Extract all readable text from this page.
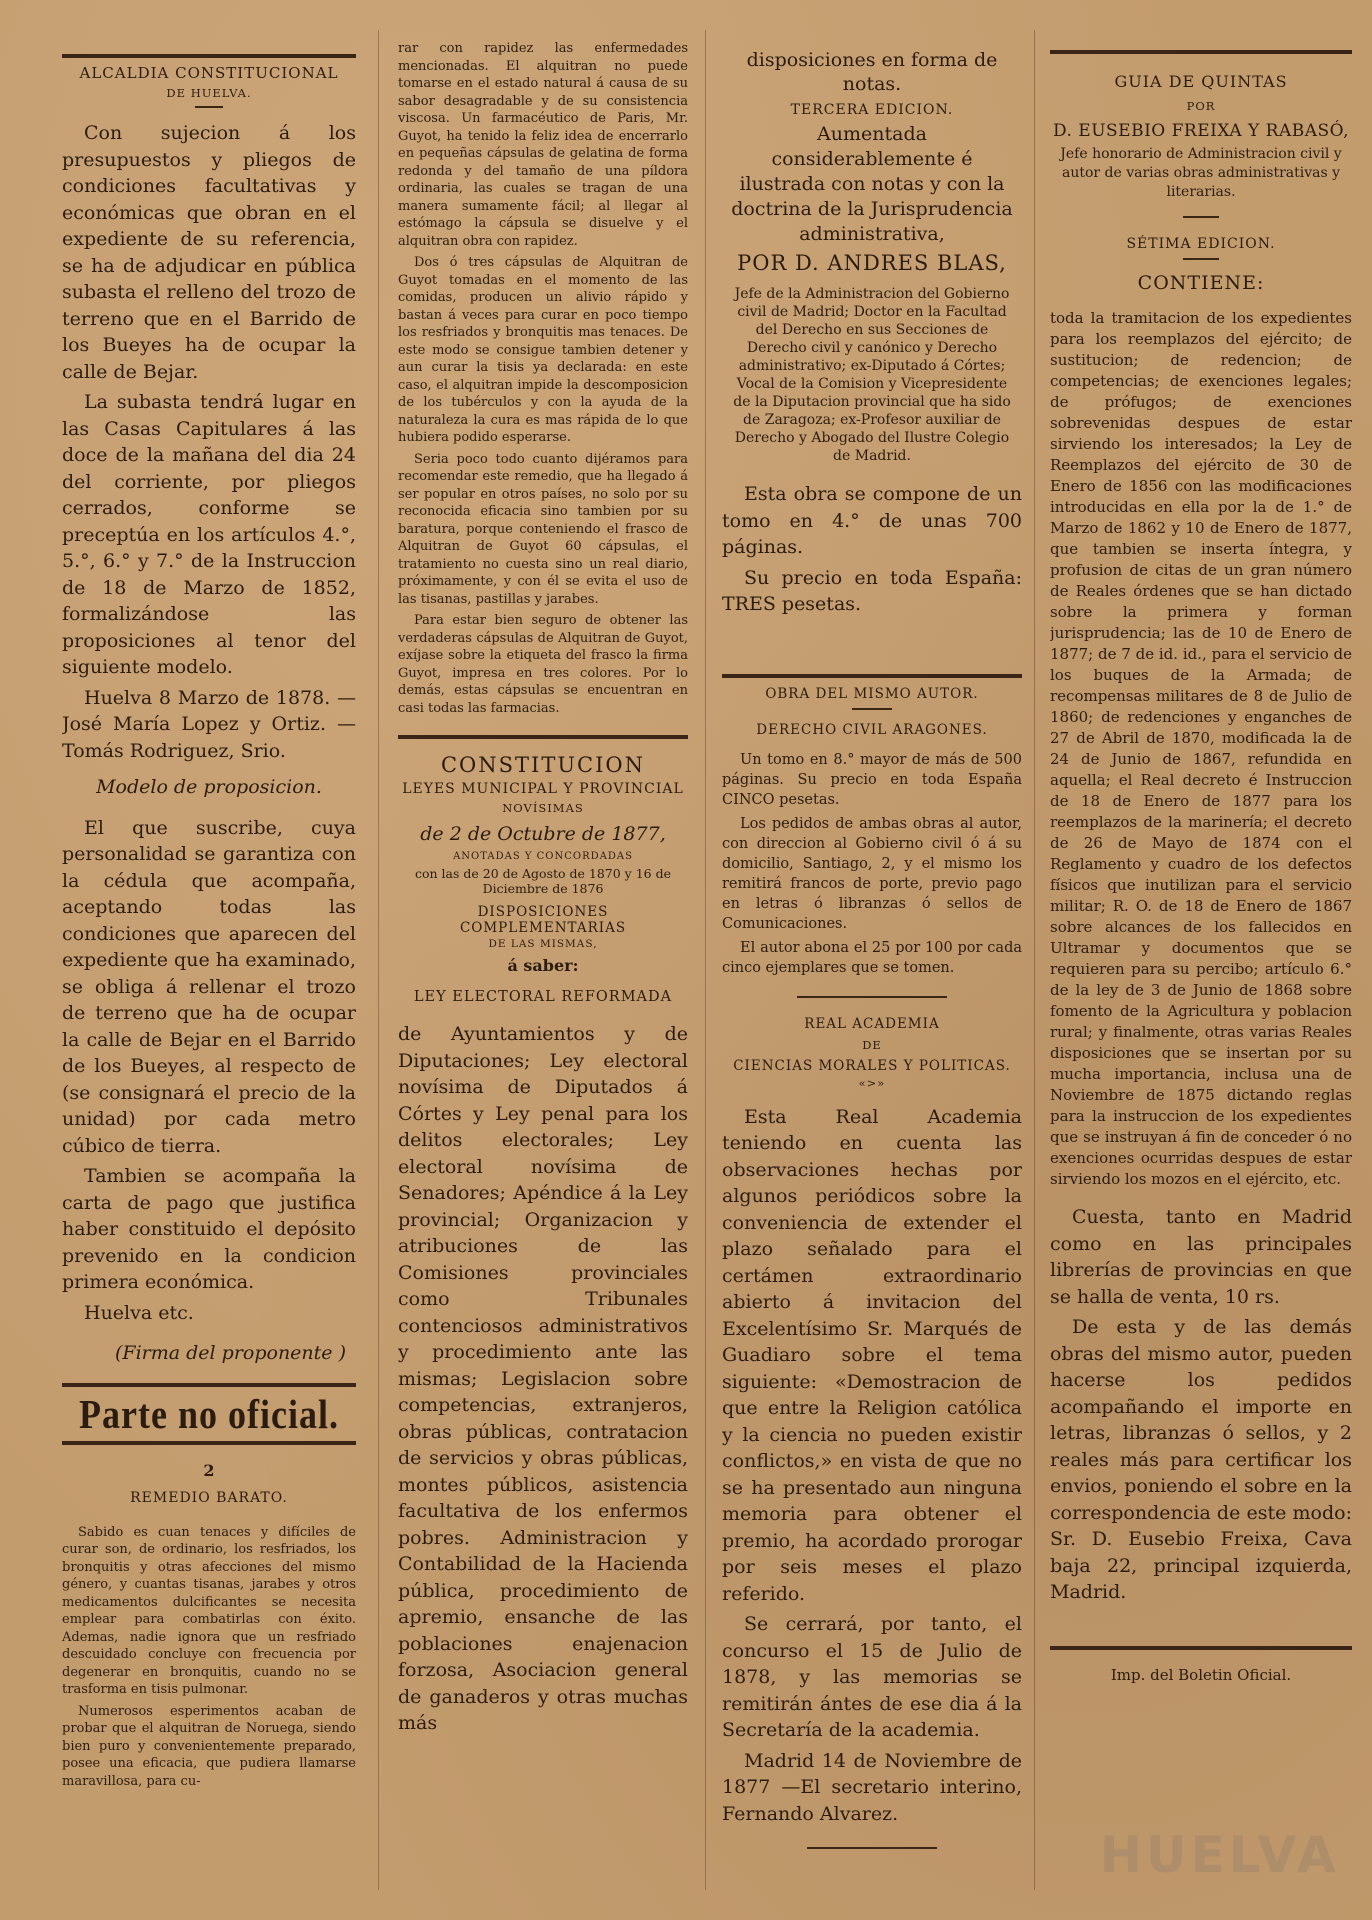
ALCALDIA CONSTITUCIONAL

DE HUELVA.

Con sujecion á los presupuestos y pliegos de condiciones facultativas y económicas que obran en el expediente de su referencia, se ha de adjudicar en pública subasta el relleno del trozo de terreno que en el Barrido de los Bueyes ha de ocupar la calle de Bejar.

La subasta tendrá lugar en las Casas Capitulares á las doce de la mañana del dia 24 del corriente, por pliegos cerrados, conforme se preceptúa en los artículos 4.°, 5.°, 6.° y 7.° de la Instruccion de 18 de Marzo de 1852, formalizándose las proposiciones al tenor del siguiente modelo.

Huelva 8 Marzo de 1878. —José María Lopez y Ortiz. —Tomás Rodriguez, Srio.

Modelo de proposicion.

El que suscribe, cuya personalidad se garantiza con la cédula que acompaña, aceptando todas las condiciones que aparecen del expediente que ha examinado, se obliga á rellenar el trozo de terreno que ha de ocupar la calle de Bejar en el Barrido de los Bueyes, al respecto de (se consignará el precio de la unidad) por cada metro cúbico de tierra.

Tambien se acompaña la carta de pago que justifica haber constituido el depósito prevenido en la condicion primera económica.

Huelva etc.

(Firma del proponente )

Parte no oficial.

2

REMEDIO BARATO.

Sabido es cuan tenaces y difíciles de curar son, de ordinario, los resfriados, los bronquitis y otras afecciones del mismo género, y cuantas tisanas, jarabes y otros medicamentos dulcificantes se necesita emplear para combatirlas con éxito. Ademas, nadie ignora que un resfriado descuidado concluye con frecuencia por degenerar en bronquitis, cuando no se trasforma en tisis pulmonar.

Numerosos esperimentos acaban de probar que el alquitran de Noruega, siendo bien puro y convenientemente preparado, posee una eficacia, que pudiera llamarse maravillosa, para cu-

rar con rapidez las enfermedades mencionadas. El alquitran no puede tomarse en el estado natural á causa de su sabor desagradable y de su consistencia viscosa. Un farmacéutico de Paris, Mr. Guyot, ha tenido la feliz idea de encerrarlo en pequeñas cápsulas de gelatina de forma redonda y del tamaño de una píldora ordinaria, las cuales se tragan de una manera sumamente fácil; al llegar al estómago la cápsula se disuelve y el alquitran obra con rapidez.

Dos ó tres cápsulas de Alquitran de Guyot tomadas en el momento de las comidas, producen un alivio rápido y bastan á veces para curar en poco tiempo los resfriados y bronquitis mas tenaces. De este modo se consigue tambien detener y aun curar la tisis ya declarada: en este caso, el alquitran impide la descomposicion de los tubérculos y con la ayuda de la naturaleza la cura es mas rápida de lo que hubiera podido esperarse.

Seria poco todo cuanto dijéramos para recomendar este remedio, que ha llegado á ser popular en otros países, no solo por su reconocida eficacia sino tambien por su baratura, porque conteniendo el frasco de Alquitran de Guyot 60 cápsulas, el tratamiento no cuesta sino un real diario, próximamente, y con él se evita el uso de las tisanas, pastillas y jarabes.

Para estar bien seguro de obtener las verdaderas cápsulas de Alquitran de Guyot, exíjase sobre la etiqueta del frasco la firma Guyot, impresa en tres colores. Por lo demás, estas cápsulas se encuentran en casi todas las farmacias.

CONSTITUCION

LEYES MUNICIPAL Y PROVINCIAL

NOVÍSIMAS

de 2 de Octubre de 1877,

ANOTADAS Y CONCORDADAS

con las de 20 de Agosto de 1870 y 16 de Diciembre de 1876

DISPOSICIONES COMPLEMENTARIAS

DE LAS MISMAS,

á saber:

LEY ELECTORAL REFORMADA

de Ayuntamientos y de Diputaciones; Ley electoral novísima de Diputados á Córtes y Ley penal para los delitos electorales; Ley electoral novísima de Senadores; Apéndice á la Ley provincial; Organizacion y atribuciones de las Comisiones provinciales como Tribunales contenciosos administrativos y procedimiento ante las mismas; Legislacion sobre competencias, extranjeros, obras públicas, contratacion de servicios y obras públicas, montes públicos, asistencia facultativa de los enfermos pobres. Administracion y Contabilidad de la Hacienda pública, procedimiento de apremio, ensanche de las poblaciones enajenacion forzosa, Asociacion general de ganaderos y otras muchas más

disposiciones en forma de notas.

TERCERA EDICION.

Aumentada considerablemente é ilustrada con notas y con la doctrina de la Jurisprudencia administrativa,

POR D. ANDRES BLAS,

Jefe de la Administracion del Gobierno civil de Madrid; Doctor en la Facultad del Derecho en sus Secciones de Derecho civil y canónico y Derecho administrativo; ex-Diputado á Córtes; Vocal de la Comision y Vicepresidente de la Diputacion provincial que ha sido de Zaragoza; ex-Profesor auxiliar de Derecho y Abogado del Ilustre Colegio de Madrid.

Esta obra se compone de un tomo en 4.° de unas 700 páginas.

Su precio en toda España: TRES pesetas.

OBRA DEL MISMO AUTOR.

DERECHO CIVIL ARAGONES.

Un tomo en 8.° mayor de más de 500 páginas. Su precio en toda España CINCO pesetas.

Los pedidos de ambas obras al autor, con direccion al Gobierno civil ó á su domicilio, Santiago, 2, y el mismo los remitirá francos de porte, previo pago en letras ó libranzas ó sellos de Comunicaciones.

El autor abona el 25 por 100 por cada cinco ejemplares que se tomen.

REAL ACADEMIA

DE

CIENCIAS MORALES Y POLITICAS.

«>»

Esta Real Academia teniendo en cuenta las observaciones hechas por algunos periódicos sobre la conveniencia de extender el plazo señalado para el certámen extraordinario abierto á invitacion del Excelentísimo Sr. Marqués de Guadiaro sobre el tema siguiente: «Demostracion de que entre la Religion católica y la ciencia no pueden existir conflictos,» en vista de que no se ha presentado aun ninguna memoria para obtener el premio, ha acordado prorogar por seis meses el plazo referido.

Se cerrará, por tanto, el concurso el 15 de Julio de 1878, y las memorias se remitirán ántes de ese dia á la Secretaría de la academia.

Madrid 14 de Noviembre de 1877 —El secretario interino, Fernando Alvarez.

GUIA DE QUINTAS

POR

D. EUSEBIO FREIXA Y RABASÓ,

Jefe honorario de Administracion civil y autor de varias obras administrativas y literarias.

SÉTIMA EDICION.

CONTIENE:

toda la tramitacion de los expedientes para los reemplazos del ejército; de sustitucion; de redencion; de competencias; de exenciones legales; de prófugos; de exenciones sobrevenidas despues de estar sirviendo los interesados; la Ley de Reemplazos del ejército de 30 de Enero de 1856 con las modificaciones introducidas en ella por la de 1.° de Marzo de 1862 y 10 de Enero de 1877, que tambien se inserta íntegra, y profusion de citas de un gran número de Reales órdenes que se han dictado sobre la primera y forman jurisprudencia; las de 10 de Enero de 1877; de 7 de id. id., para el servicio de los buques de la Armada; de recompensas militares de 8 de Julio de 1860; de redenciones y enganches de 27 de Abril de 1870, modificada la de 24 de Junio de 1867, refundida en aquella; el Real decreto é Instruccion de 18 de Enero de 1877 para los reemplazos de la marinería; el decreto de 26 de Mayo de 1874 con el Reglamento y cuadro de los defectos físicos que inutilizan para el servicio militar; R. O. de 18 de Enero de 1867 sobre alcances de los fallecidos en Ultramar y documentos que se requieren para su percibo; artículo 6.° de la ley de 3 de Junio de 1868 sobre fomento de la Agricultura y poblacion rural; y finalmente, otras varias Reales disposiciones que se insertan por su mucha importancia, inclusa una de Noviembre de 1875 dictando reglas para la instruccion de los expedientes que se instruyan á fin de conceder ó no exenciones ocurridas despues de estar sirviendo los mozos en el ejército, etc.

Cuesta, tanto en Madrid como en las principales librerías de provincias en que se halla de venta, 10 rs.

De esta y de las demás obras del mismo autor, pueden hacerse los pedidos acompañando el importe en letras, libranzas ó sellos, y 2 reales más para certificar los envios, poniendo el sobre en la correspondencia de este modo: Sr. D. Eusebio Freixa, Cava baja 22, principal izquierda, Madrid.

Imp. del Boletin Oficial.

HUELVA
